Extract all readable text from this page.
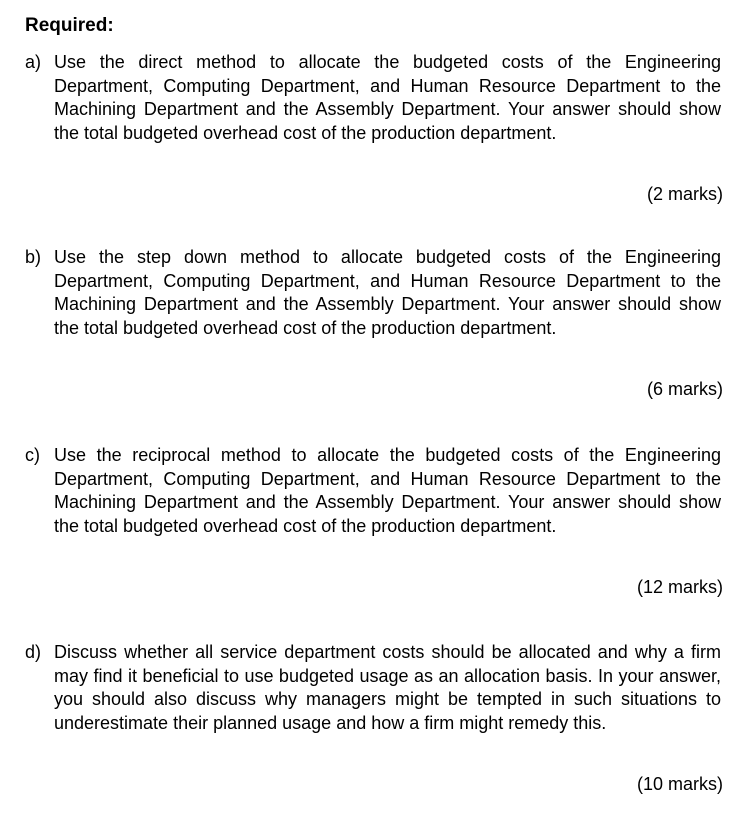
Required:
a) Use the direct method to allocate the budgeted costs of the Engineering Department, Computing Department, and Human Resource Department to the Machining Department and the Assembly Department. Your answer should show the total budgeted overhead cost of the production department.

(2 marks)
b) Use the step down method to allocate budgeted costs of the Engineering Department, Computing Department, and Human Resource Department to the Machining Department and the Assembly Department. Your answer should show the total budgeted overhead cost of the production department.

(6 marks)
c) Use the reciprocal method to allocate the budgeted costs of the Engineering Department, Computing Department, and Human Resource Department to the Machining Department and the Assembly Department. Your answer should show the total budgeted overhead cost of the production department.

(12 marks)
d) Discuss whether all service department costs should be allocated and why a firm may find it beneficial to use budgeted usage as an allocation basis. In your answer, you should also discuss why managers might be tempted in such situations to underestimate their planned usage and how a firm might remedy this.

(10 marks)
